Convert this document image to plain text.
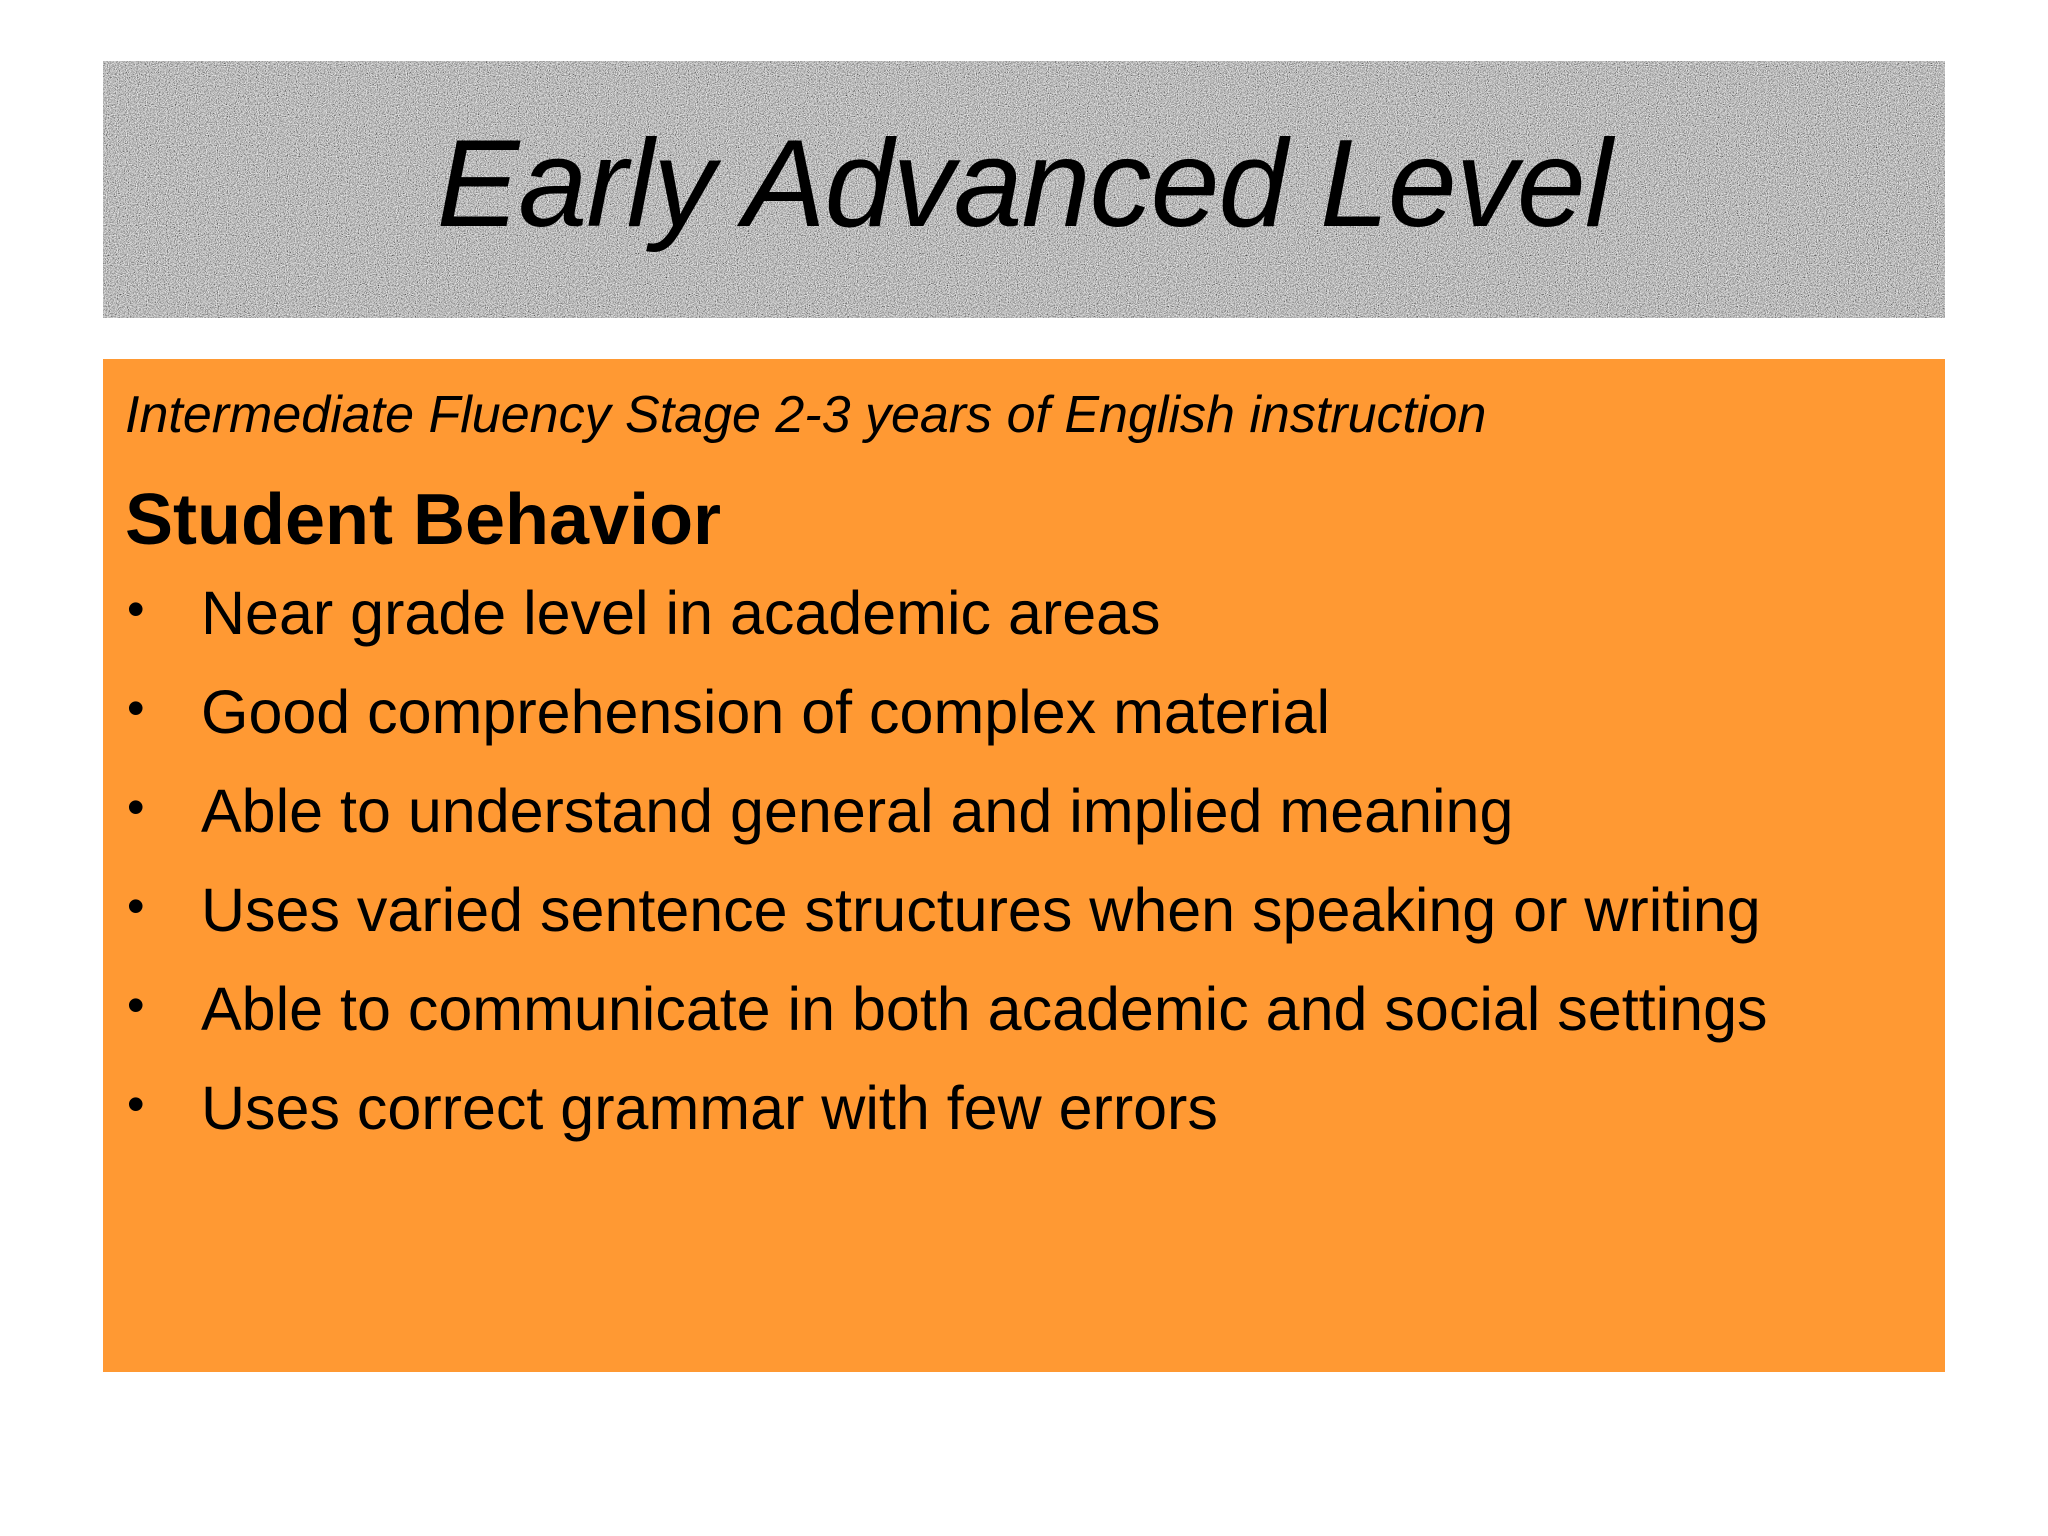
Early Advanced Level

Intermediate Fluency Stage 2-3 years of English instruction

Student Behavior
• Near grade level in academic areas
• Good comprehension of complex material
• Able to understand general and implied meaning
• Uses varied sentence structures when speaking or writing
• Able to communicate in both academic and social settings
• Uses correct grammar with few errors
